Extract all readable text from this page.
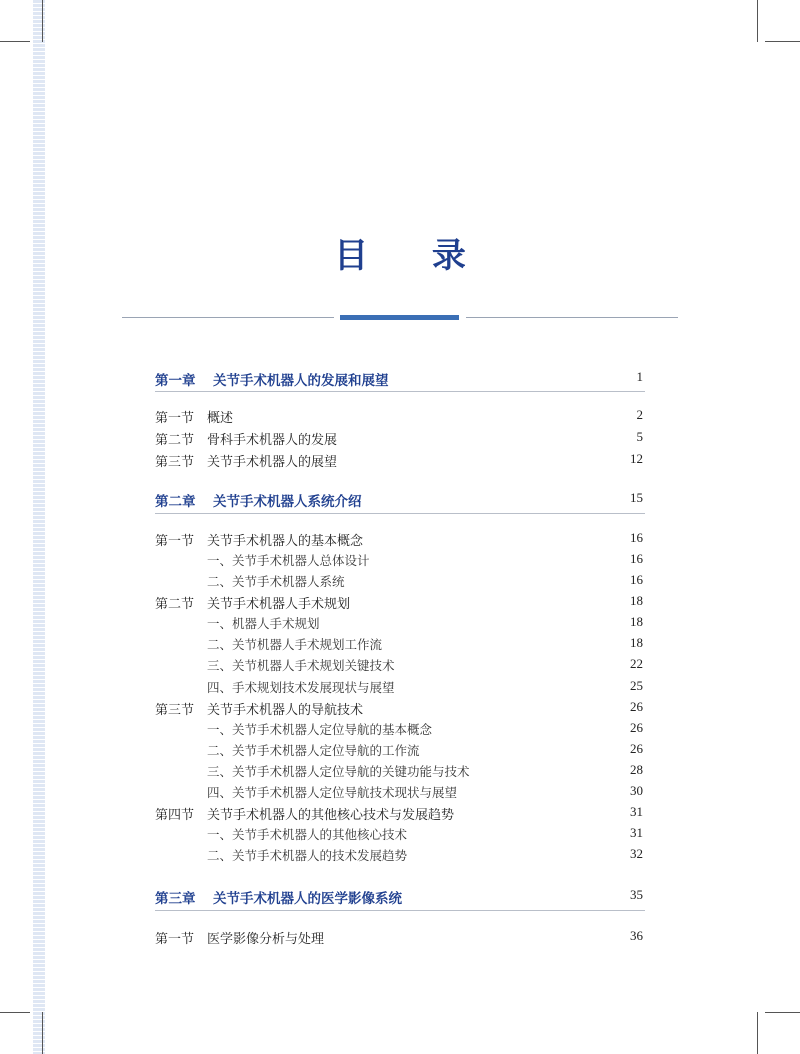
目 录
第一章 关节手术机器人的发展和展望	1
第一节 概述	2
第二节 骨科手术机器人的发展	5
第三节 关节手术机器人的展望	12
第二章 关节手术机器人系统介绍	15
第一节 关节手术机器人的基本概念	16
一、关节手术机器人总体设计	16
二、关节手术机器人系统	16
第二节 关节手术机器人手术规划	18
一、机器人手术规划	18
二、关节机器人手术规划工作流	18
三、关节机器人手术规划关键技术	22
四、手术规划技术发展现状与展望	25
第三节 关节手术机器人的导航技术	26
一、关节手术机器人定位导航的基本概念	26
二、关节手术机器人定位导航的工作流	26
三、关节手术机器人定位导航的关键功能与技术	28
四、关节手术机器人定位导航技术现状与展望	30
第四节 关节手术机器人的其他核心技术与发展趋势	31
一、关节手术机器人的其他核心技术	31
二、关节手术机器人的技术发展趋势	32
第三章 关节手术机器人的医学影像系统	35
第一节 医学影像分析与处理	36
